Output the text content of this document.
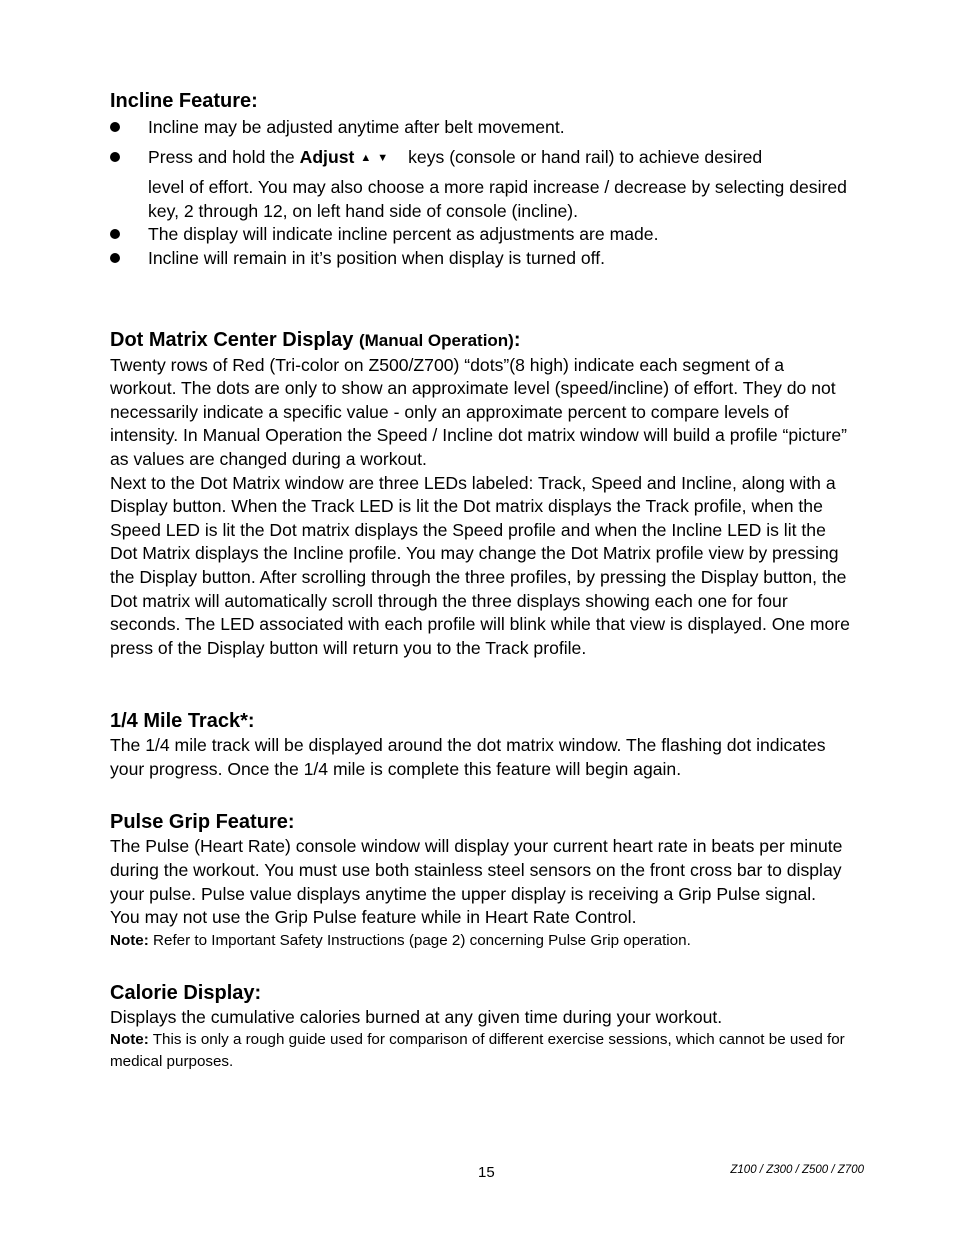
Incline Feature:
Incline may be adjusted anytime after belt movement.
Press and hold the Adjust ▲▼ keys (console or hand rail) to achieve desired
level of effort. You may also choose a more rapid increase / decrease by selecting desired key, 2 through 12, on left hand side of console (incline).
The display will indicate incline percent as adjustments are made.
Incline will remain in it’s position when display is turned off.
Dot Matrix Center Display (Manual Operation):

Twenty rows of Red (Tri-color on Z500/Z700) “dots”(8 high) indicate each segment of a workout. The dots are only to show an approximate level (speed/incline) of effort. They do not necessarily indicate a specific value - only an approximate percent to compare levels of intensity. In Manual Operation the Speed / Incline dot matrix window will build a profile “picture” as values are changed during a workout.

Next to the Dot Matrix window are three LEDs labeled: Track, Speed and Incline, along with a Display button. When the Track LED is lit the Dot matrix displays the Track profile, when the Speed LED is lit the Dot matrix displays the Speed profile and when the Incline LED is lit the Dot Matrix displays the Incline profile. You may change the Dot Matrix profile view by pressing the Display button. After scrolling through the three profiles, by pressing the Display button, the Dot matrix will automatically scroll through the three displays showing each one for four seconds. The LED associated with each profile will blink while that view is displayed. One more press of the Display button will return you to the Track profile.

1/4 Mile Track*:

The 1/4 mile track will be displayed around the dot matrix window. The flashing dot indicates your progress. Once the 1/4 mile is complete this feature will begin again.

Pulse Grip Feature:

The Pulse (Heart Rate) console window will display your current heart rate in beats per minute during the workout. You must use both stainless steel sensors on the front cross bar to display your pulse. Pulse value displays anytime the upper display is receiving a Grip Pulse signal. You may not use the Grip Pulse feature while in Heart Rate Control.

Note: Refer to Important Safety Instructions (page 2) concerning Pulse Grip operation.
Calorie Display:

Displays the cumulative calories burned at any given time during your workout.

Note: This is only a rough guide used for comparison of different exercise sessions, which cannot be used for medical purposes.
15	Z100 / Z300 / Z500 / Z700
